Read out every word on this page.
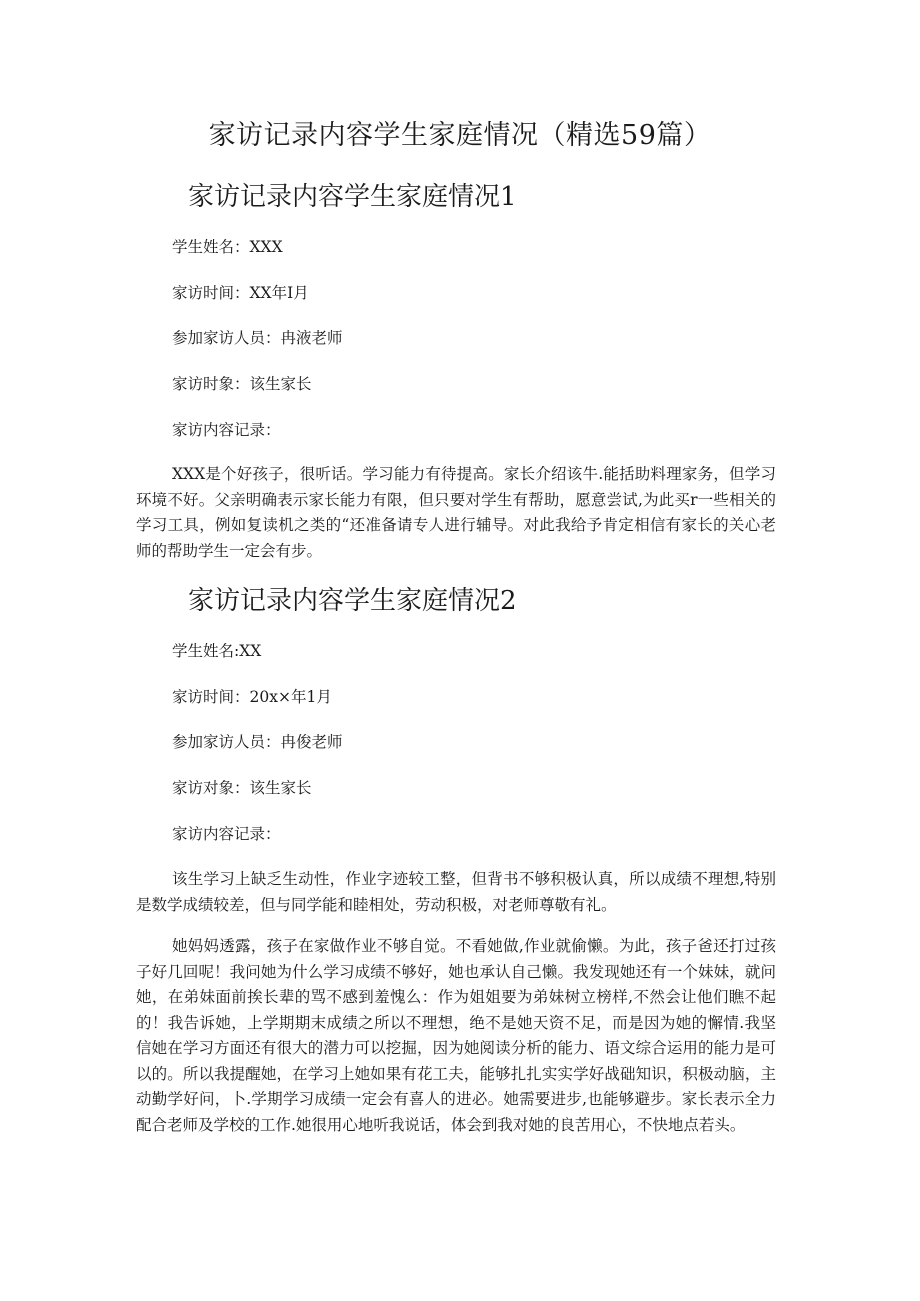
家访记录内容学生家庭情况（精选59篇）
家访记录内容学生家庭情况1

学生姓名：XXX

家访时间：XX年I月

参加家访人员：冉液老师

家访时象：该生家长

家访内容记录：

XXX是个好孩子，很听话。学习能力有待提高。家长介绍该牛.能括助料理家务，但学习环境不好。父亲明确表示家长能力有限，但只要对学生有帮助，愿意尝试,为此买r一些相关的学习工具，例如复读机之类的“还准备请专人进行辅导。对此我给予肯定相信有家长的关心老师的帮助学生一定会有步。

家访记录内容学生家庭情况2

学生姓名:XX

家访时间：20x×年1月

参加家访人员：冉俊老师

家访对象：该生家长

家访内容记录：

该生学习上缺乏生动性，作业字迹较工整，但背书不够积极认真，所以成绩不理想,特别是数学成绩较差，但与同学能和睦相处，劳动积极，对老师尊敬有礼。

她妈妈透露，孩子在家做作业不够自觉。不看她做,作业就偷懒。为此，孩子爸还打过孩子好几回呢！我问她为什么学习成绩不够好，她也承认自己懒。我发现她还有一个妹妹，就问她，在弟妹面前挨长辈的骂不感到羞愧么：作为姐姐要为弟妹树立榜样,不然会让他们瞧不起的！我告诉她，上学期期末成绩之所以不理想，绝不是她天资不足，而是因为她的懈情.我坚信她在学习方面还有很大的潜力可以挖掘，因为她阅读分析的能力、语文综合运用的能力是可以的。所以我提醒她，在学习上她如果有花工夫，能够扎扎实实学好战础知识，积极动脑，主动勤学好问，卜.学期学习成绩一定会有喜人的进必。她需要进步,也能够避步。家长表示全力配合老师及学校的工作.她很用心地听我说话，体会到我对她的良苦用心，不快地点若头。
